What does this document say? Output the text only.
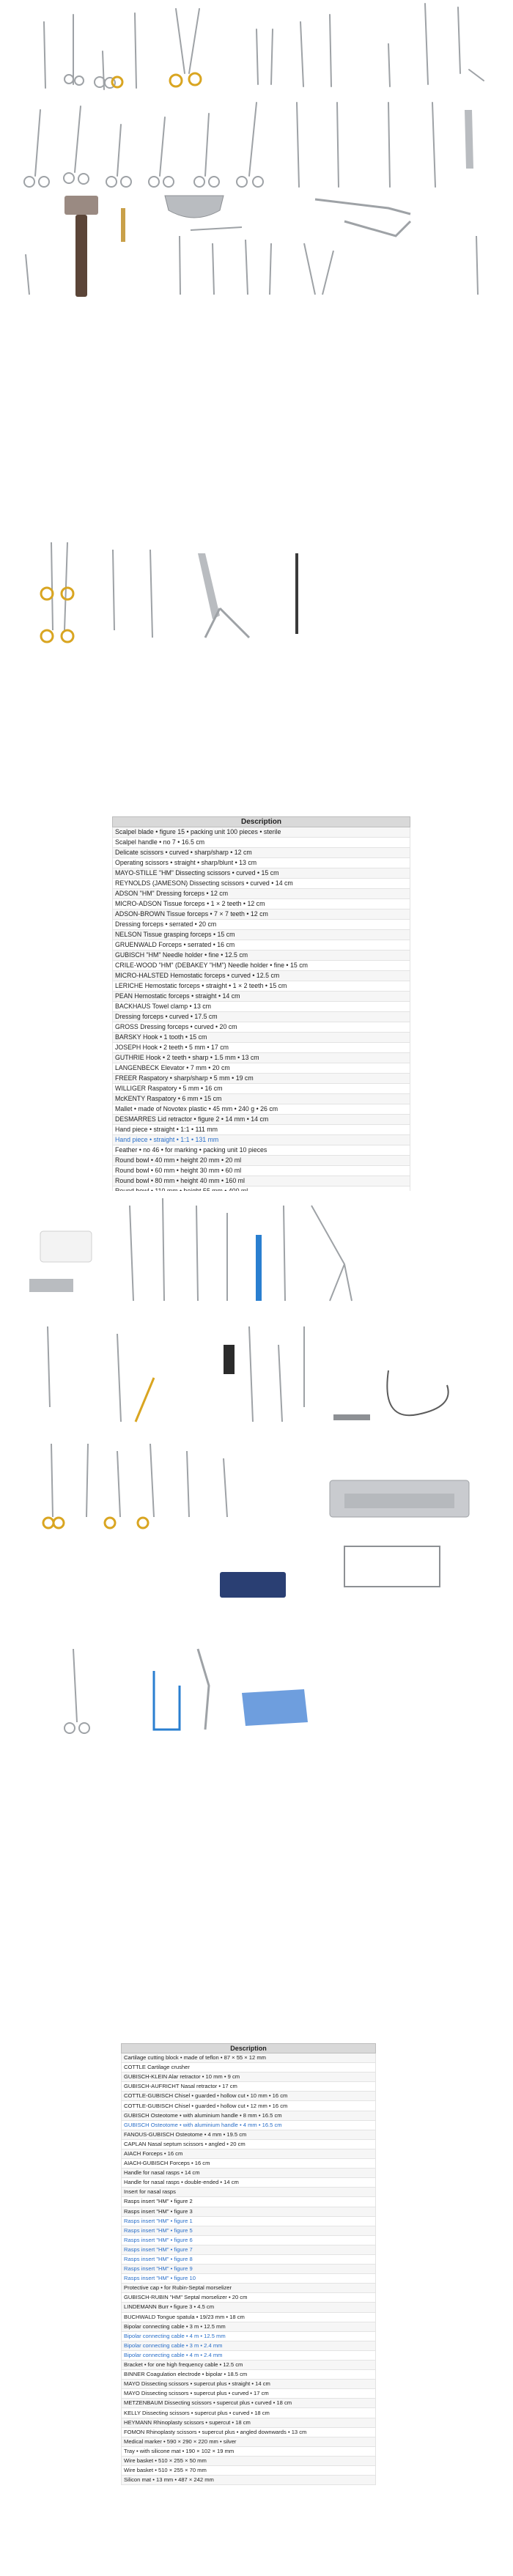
Description
Scalpel blade • figure 15 • packing unit 100 pieces • sterile
Scalpel handle • no 7 • 16.5 cm
Delicate scissors • curved • sharp/sharp • 12 cm
Operating scissors • straight • sharp/blunt • 13 cm
MAYO-STILLE "HM" Dissecting scissors • curved • 15 cm
REYNOLDS (JAMESON) Dissecting scissors • curved • 14 cm
ADSON "HM" Dressing forceps • 12 cm
MICRO-ADSON Tissue forceps • 1 × 2 teeth • 12 cm
ADSON-BROWN Tissue forceps • 7 × 7 teeth • 12 cm
Dressing forceps • serrated • 20 cm
NELSON Tissue grasping forceps • 15 cm
GRUENWALD Forceps • serrated • 16 cm
GUBISCH "HM" Needle holder • fine • 12.5 cm
CRILE-WOOD "HM" (DEBAKEY "HM") Needle holder • fine • 15 cm
MICRO-HALSTED Hemostatic forceps • curved • 12.5 cm
LERICHE Hemostatic forceps • straight • 1 × 2 teeth • 15 cm
PEAN Hemostatic forceps • straight • 14 cm
BACKHAUS Towel clamp • 13 cm
Dressing forceps • curved • 17.5 cm
GROSS Dressing forceps • curved • 20 cm
BARSKY Hook • 1 tooth • 15 cm
JOSEPH Hook • 2 teeth • 5 mm • 17 cm
GUTHRIE Hook • 2 teeth • sharp • 1.5 mm • 13 cm
LANGENBECK Elevator • 7 mm • 20 cm
FREER Raspatory • sharp/sharp • 5 mm • 19 cm
WILLIGER Raspatory • 5 mm • 16 cm
McKENTY Raspatory • 6 mm • 15 cm
Mallet • made of Novotex plastic • 45 mm • 240 g • 26 cm
DESMARRES Lid retractor • figure 2 • 14 mm • 14 cm
Hand piece • straight • 1:1 • 111 mm
Hand piece • straight • 1:1 • 131 mm
Feather • no 46 • for marking • packing unit 10 pieces
Round bowl • 40 mm • height 20 mm • 20 ml
Round bowl • 60 mm • height 30 mm • 60 ml
Round bowl • 80 mm • height 40 mm • 160 ml

Description
Cartilage cutting block • made of teflon • 87 × 55 × 12 mm
COTTLE Cartilage crusher
GUBISCH-KLEIN Alar retractor • 10 mm • 9 cm
GUBISCH-AUFRICHT Nasal retractor • 17 cm
COTTLE-GUBISCH Chisel • guarded • hollow cut • 10 mm • 16 cm
COTTLE-GUBISCH Chisel • guarded • hollow cut • 12 mm • 16 cm
GUBISCH Osteotome • with aluminium handle • 8 mm • 16.5 cm
GUBISCH Osteotome • with aluminium handle • 4 mm • 16.5 cm
FANOUS-GUBISCH Osteotome • 4 mm • 19.5 cm
CAPLAN Nasal septum scissors • angled • 20 cm
AIACH Forceps • 16 cm
AIACH-GUBISCH Forceps • 16 cm
Handle for nasal rasps • 14 cm
Handle for nasal rasps • double-ended • 14 cm
Insert for nasal rasps
Rasps insert "HM" • figure 2
Rasps insert "HM" • figure 3
Rasps insert "HM" • figure 1
Rasps insert "HM" • figure 5
Rasps insert "HM" • figure 6
Rasps insert "HM" • figure 7
Rasps insert "HM" • figure 8
Rasps insert "HM" • figure 9
Rasps insert "HM" • figure 10
Protective cap • for Rubin-Septal morselizer
GUBISCH-RUBIN "HM" Septal morselizer • 20 cm
LINDEMANN Burr • figure 3 • 4.5 cm
BUCHWALD Tongue spatula • 19/23 mm • 18 cm
Bipolar connecting cable • 3 m • 12.5 mm
Bipolar connecting cable • 4 m • 12.5 mm
Bipolar connecting cable • 3 m • 2.4 mm
Bipolar connecting cable • 4 m • 2.4 mm
Bracket • for one high frequency cable • 12.5 cm
BINNER Coagulation electrode • bipolar • 18.5 cm
MAYO Dissecting scissors • supercut plus • straight • 14 cm
MAYO Dissecting scissors • supercut plus • curved • 17 cm
METZENBAUM Dissecting scissors • supercut plus • curved • 18 cm
KELLY Dissecting scissors • supercut plus • curved • 18 cm
HEYMANN Rhinoplasty scissors • supercut • 18 cm
FOMON Rhinoplasty scissors • supercut plus • angled downwards • 13 cm
Medical marker • 590 × 290 × 220 mm • silver
Tray • with silicone mat • 190 × 102 × 19 mm
Wire basket • 510 × 255 × 50 mm
Wire basket • 510 × 255 × 70 mm
Silicon mat • 13 mm • 487 × 242 mm
